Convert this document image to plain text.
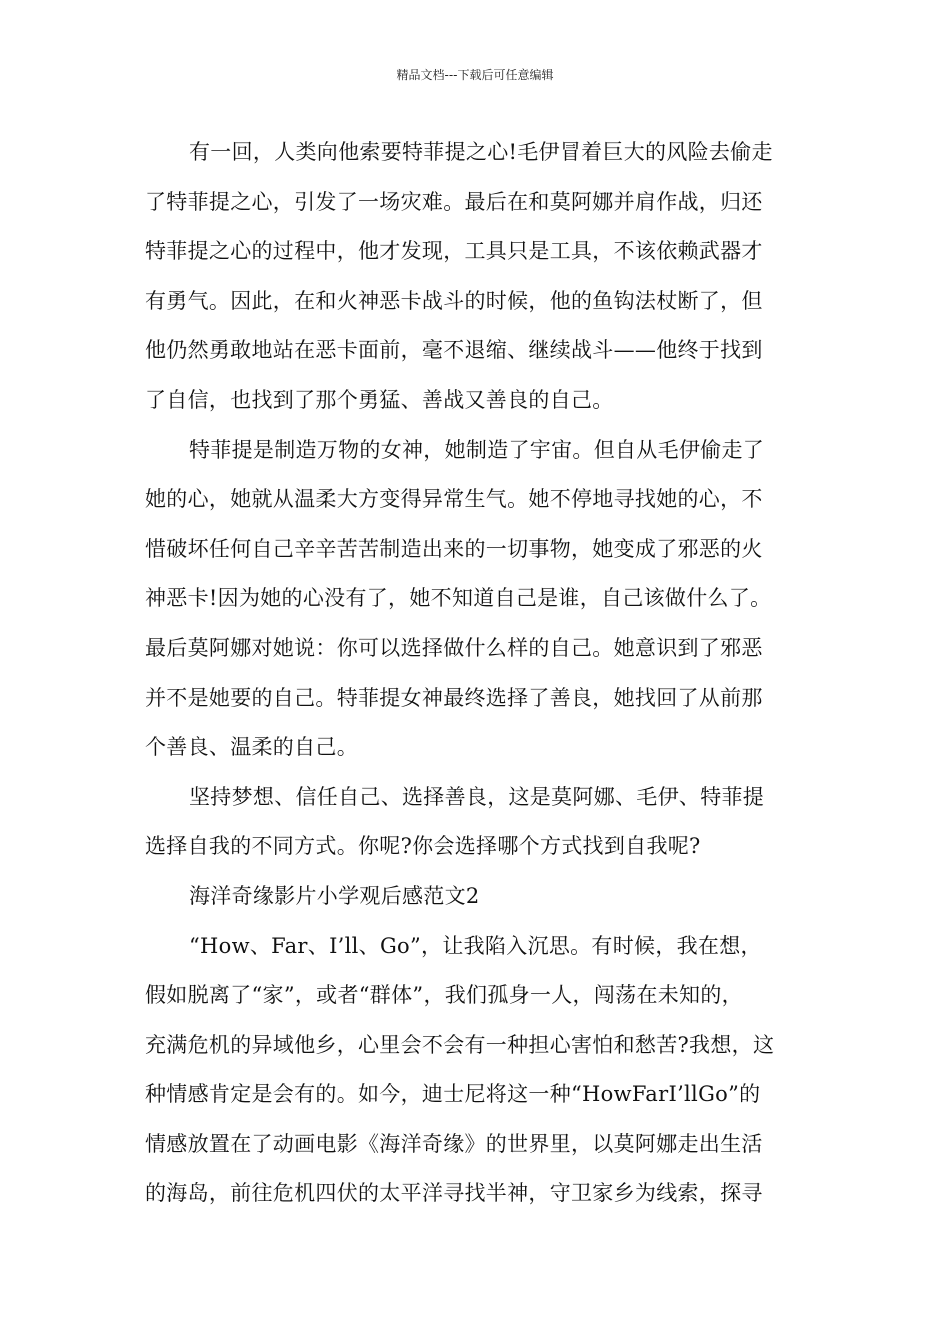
精品文档---下载后可任意编辑
有一回，人类向他索要特菲提之心!毛伊冒着巨大的风险去偷走
了特菲提之心，引发了一场灾难。最后在和莫阿娜并肩作战，归还
特菲提之心的过程中，他才发现，工具只是工具，不该依赖武器才
有勇气。因此，在和火神恶卡战斗的时候，他的鱼钩法杖断了，但
他仍然勇敢地站在恶卡面前，毫不退缩、继续战斗——他终于找到
了自信，也找到了那个勇猛、善战又善良的自己。
特菲提是制造万物的女神，她制造了宇宙。但自从毛伊偷走了
她的心，她就从温柔大方变得异常生气。她不停地寻找她的心，不
惜破坏任何自己辛辛苦苦制造出来的一切事物，她变成了邪恶的火
神恶卡!因为她的心没有了，她不知道自己是谁，自己该做什么了。
最后莫阿娜对她说：你可以选择做什么样的自己。她意识到了邪恶
并不是她要的自己。特菲提女神最终选择了善良，她找回了从前那
个善良、温柔的自己。
坚持梦想、信任自己、选择善良，这是莫阿娜、毛伊、特菲提
选择自我的不同方式。你呢?你会选择哪个方式找到自我呢?
海洋奇缘影片小学观后感范文2
“How、Far、I’ll、Go”，让我陷入沉思。有时候，我在想，
假如脱离了“家”，或者“群体”，我们孤身一人，闯荡在未知的，
充满危机的异域他乡，心里会不会有一种担心害怕和愁苦?我想，这
种情感肯定是会有的。如今，迪士尼将这一种“HowFarI’llGo”的
情感放置在了动画电影《海洋奇缘》的世界里，以莫阿娜走出生活
的海岛，前往危机四伏的太平洋寻找半神，守卫家乡为线索，探寻
